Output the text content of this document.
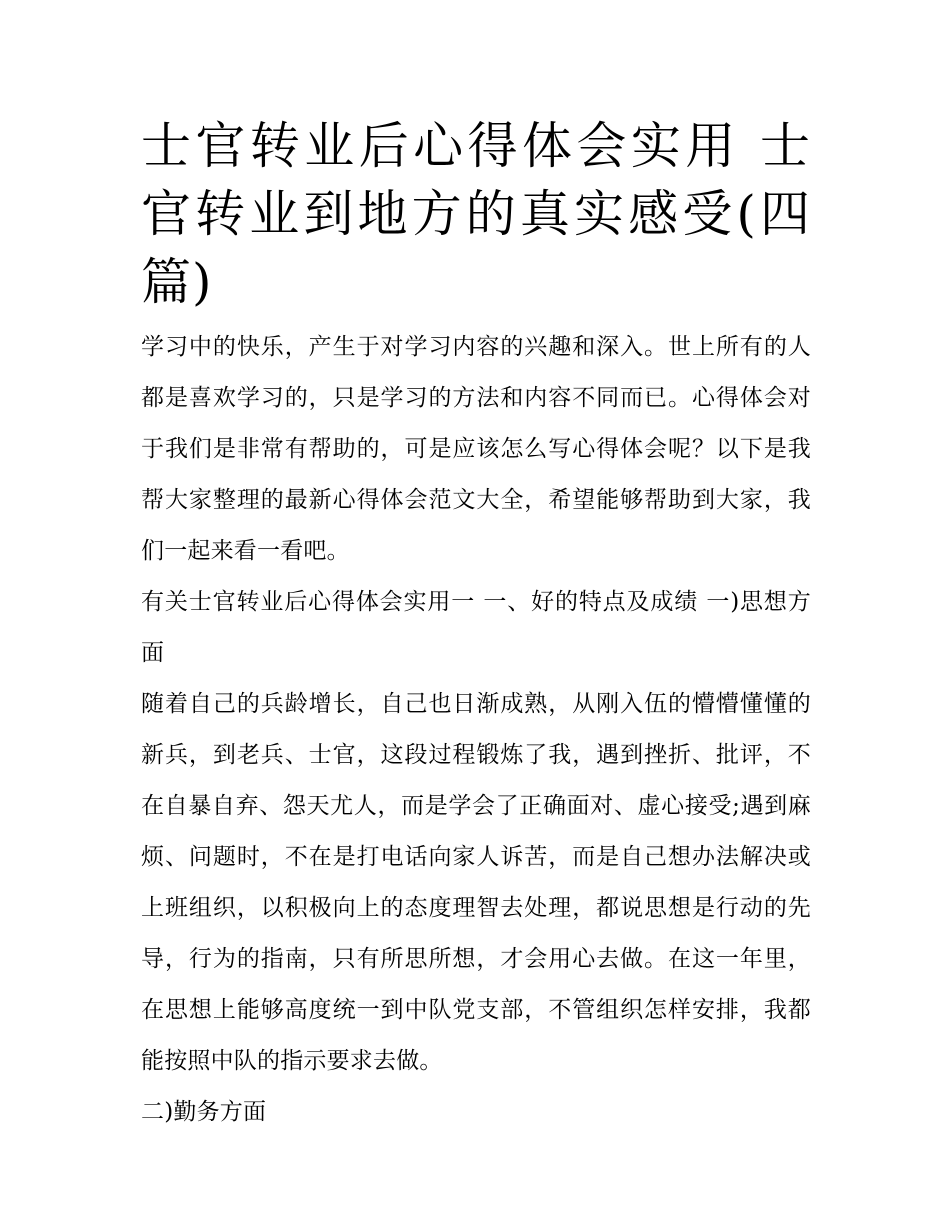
士官转业后心得体会实用 士官转业到地方的真实感受(四篇)

学习中的快乐，产生于对学习内容的兴趣和深入。世上所有的人都是喜欢学习的，只是学习的方法和内容不同而已。心得体会对于我们是非常有帮助的，可是应该怎么写心得体会呢？以下是我帮大家整理的最新心得体会范文大全，希望能够帮助到大家，我们一起来看一看吧。

有关士官转业后心得体会实用一 一、好的特点及成绩 一)思想方面

随着自己的兵龄增长，自己也日渐成熟，从刚入伍的懵懵懂懂的新兵，到老兵、士官，这段过程锻炼了我，遇到挫折、批评，不在自暴自弃、怨天尤人，而是学会了正确面对、虚心接受;遇到麻烦、问题时，不在是打电话向家人诉苦，而是自己想办法解决或上班组织，以积极向上的态度理智去处理，都说思想是行动的先导，行为的指南，只有所思所想，才会用心去做。在这一年里，在思想上能够高度统一到中队党支部，不管组织怎样安排，我都能按照中队的指示要求去做。

二)勤务方面
